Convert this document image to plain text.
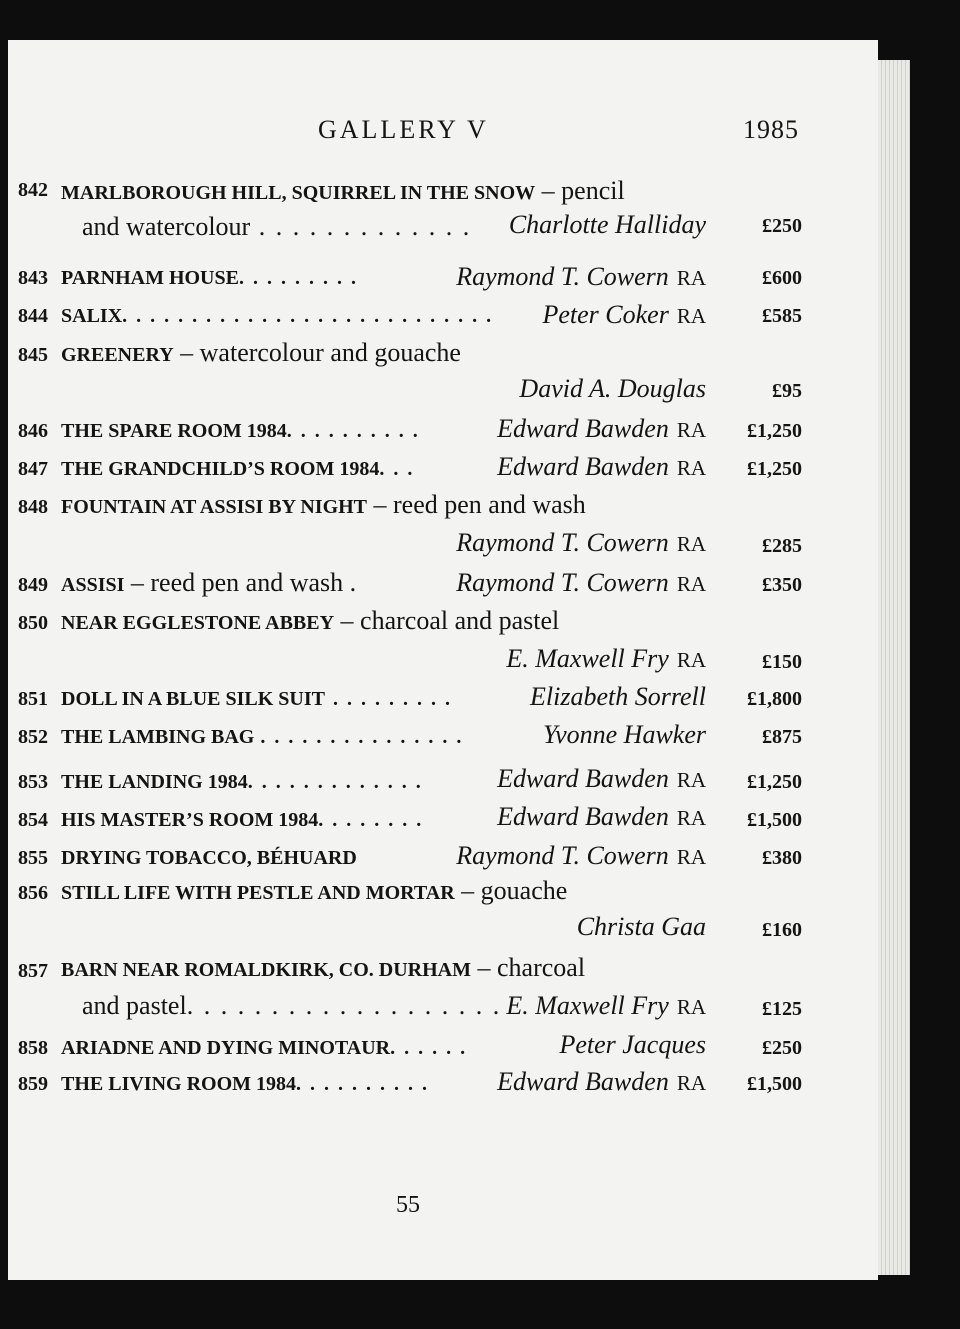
GALLERY V	1985
842 MARLBOROUGH HILL, SQUIRREL IN THE SNOW – pencil
and watercolour . . . . . . . . . . . . . Charlotte Halliday	£250
843 PARNHAM HOUSE. . . . . . . . .	Raymond T. Cowern RA	£600
844 SALIX. . . . . . . . . . . . . . . . . . . . . . . . . . . Peter Coker RA	£585
845 GREENERY – watercolour and gouache
David A. Douglas	£95
846 THE SPARE ROOM 1984. . . . . . . . . .	Edward Bawden RA £1,250
847 THE GRANDCHILD’S ROOM 1984. . .	Edward Bawden RA £1,250
848 FOUNTAIN AT ASSISI BY NIGHT – reed pen and wash
Raymond T. Cowern RA	£285
849 ASSISI – reed pen and wash .	Raymond T. Cowern RA	£350
850 NEAR EGGLESTONE ABBEY – charcoal and pastel
E. Maxwell Fry RA	£150
851 DOLL IN A BLUE SILK SUIT . . . . . . . . .	Elizabeth Sorrell £1,800
852 THE LAMBING BAG . . . . . . . . . . . . . . .	Yvonne Hawker	£875
853 THE LANDING 1984. . . . . . . . . . . . .	Edward Bawden RA £1,250
854 HIS MASTER’S ROOM 1984. . . . . . . .	Edward Bawden RA £1,500
855 DRYING TOBACCO, BÉHUARD	Raymond T. Cowern RA	£380
856 STILL LIFE WITH PESTLE AND MORTAR – gouache
Christa Gaa	£160
857 BARN NEAR ROMALDKIRK, CO. DURHAM – charcoal
and pastel. . . . . . . . . . . . . . . . . . . E. Maxwell Fry RA	£125
858 ARIADNE AND DYING MINOTAUR. . . . . .	Peter Jacques	£250
859 THE LIVING ROOM 1984. . . . . . . . . .	Edward Bawden RA £1,500
55
